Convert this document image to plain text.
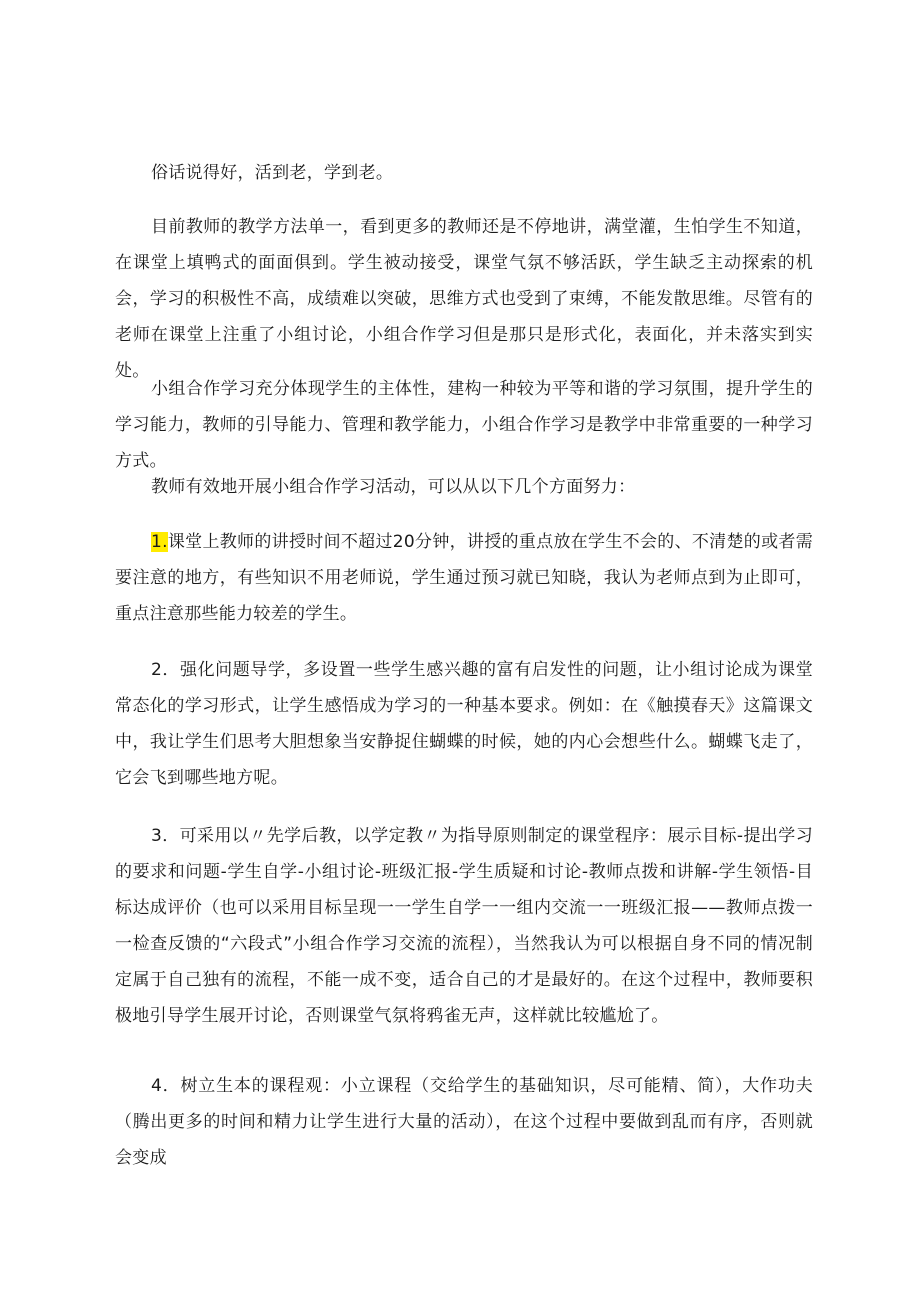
俗话说得好，活到老，学到老。

目前教师的教学方法单一，看到更多的教师还是不停地讲，满堂灌，生怕学生不知道，在课堂上填鸭式的面面俱到。学生被动接受，课堂气氛不够活跃，学生缺乏主动探索的机会，学习的积极性不高，成绩难以突破，思维方式也受到了束缚，不能发散思维。尽管有的老师在课堂上注重了小组讨论，小组合作学习但是那只是形式化，表面化，并未落实到实处。

小组合作学习充分体现学生的主体性，建构一种较为平等和谐的学习氛围，提升学生的学习能力，教师的引导能力、管理和教学能力，小组合作学习是教学中非常重要的一种学习方式。

教师有效地开展小组合作学习活动，可以从以下几个方面努力：

1.课堂上教师的讲授时间不超过20分钟，讲授的重点放在学生不会的、不清楚的或者需要注意的地方，有些知识不用老师说，学生通过预习就已知晓，我认为老师点到为止即可，重点注意那些能力较差的学生。

2．强化问题导学，多设置一些学生感兴趣的富有启发性的问题，让小组讨论成为课堂常态化的学习形式，让学生感悟成为学习的一种基本要求。例如：在《触摸春天》这篇课文中，我让学生们思考大胆想象当安静捉住蝴蝶的时候，她的内心会想些什么。蝴蝶飞走了，它会飞到哪些地方呢。

3．可采用以〃先学后教，以学定教〃为指导原则制定的课堂程序：展示目标-提出学习的要求和问题-学生自学-小组讨论-班级汇报-学生质疑和讨论-教师点拨和讲解-学生领悟-目标达成评价（也可以采用目标呈现一一学生自学一一组内交流一一班级汇报——教师点拨一一检查反馈的“六段式”小组合作学习交流的流程），当然我认为可以根据自身不同的情况制定属于自己独有的流程，不能一成不变，适合自己的才是最好的。在这个过程中，教师要积极地引导学生展开讨论，否则课堂气氛将鸦雀无声，这样就比较尴尬了。

4．树立生本的课程观：小立课程（交给学生的基础知识，尽可能精、简），大作功夫（腾出更多的时间和精力让学生进行大量的活动），在这个过程中要做到乱而有序，否则就会变成
